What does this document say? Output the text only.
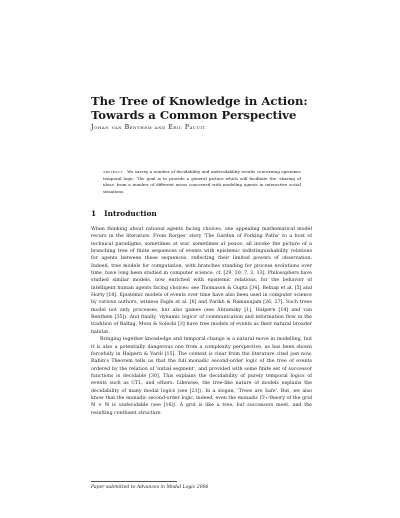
The Tree of Knowledge in Action:
Towards a Common Perspective
Johan van Benthem and Eric Pacuit
abstract. We survey a number of decidability and undecidability results concerning epistemic temporal logic. The goal is to provide a general picture which will facilitate the 'sharing of ideas' from a number of different areas concerned with modeling agents in interactive social situations.
1 Introduction

When thinking about rational agents facing choices, one appealing mathematical model recurs in the literature. From Borges' story 'The Garden of Forking Paths' to a host of technical paradigms, sometimes at war, sometimes at peace, all invoke the picture of a branching tree of finite sequences of events with epistemic indistinguishability relations for agents between these sequences, reflecting their limited powers of observation. Indeed, tree models for computation, with branches standing for process evolutions over time, have long been studied in computer science, cf. [29, 30, 7, 2, 13]. Philosophers have studied similar models, now enriched with epistemic relations, for the behavior of intelligent human agents facing choices: see Thomason & Gupta [34], Belnap et al. [5] and Horty [18]. Epistemic models of events over time have also been used in computer science by various authors, witness Fagin et al. [8] and Parikh & Ramanujam [26, 27]. Such trees model not only processes, but also games (see Abramsky [1], Halpern [14] and van Benthem [35]). And finally, 'dynamic logics' of communication and information flow in the tradition of Baltag, Moss & Solecki [3] have tree models of events as their natural broader habitat.

Bringing together knowledge and temporal change is a natural move in modelling, but it is also a potentially dangerous one from a complexity perspective, as has been shown forcefully in Halpern & Vardi [15]. The context is clear from the literature cited just now. Rabin's Theorem tells us that the full monadic second-order logic of the tree of events ordered by the relation of 'initial segment', and provided with some finite set of successor functions is decidable [30]. This explains the decidability of purely temporal logics of events such as CTL, and others. Likewise, the tree-like nature of models explains the decidability of many modal logics (see [21]). In a slogan, 'Trees are Safe'. But, we also know that the monadic second-order logic, indeed, even the monadic Π¹₁-theory of the grid ℕ × ℕ is undecidable (see [16]). A grid is like a tree, but successors meet, and the resulting confluent structure

Paper submitted to Advances in Modal Logic 2006
